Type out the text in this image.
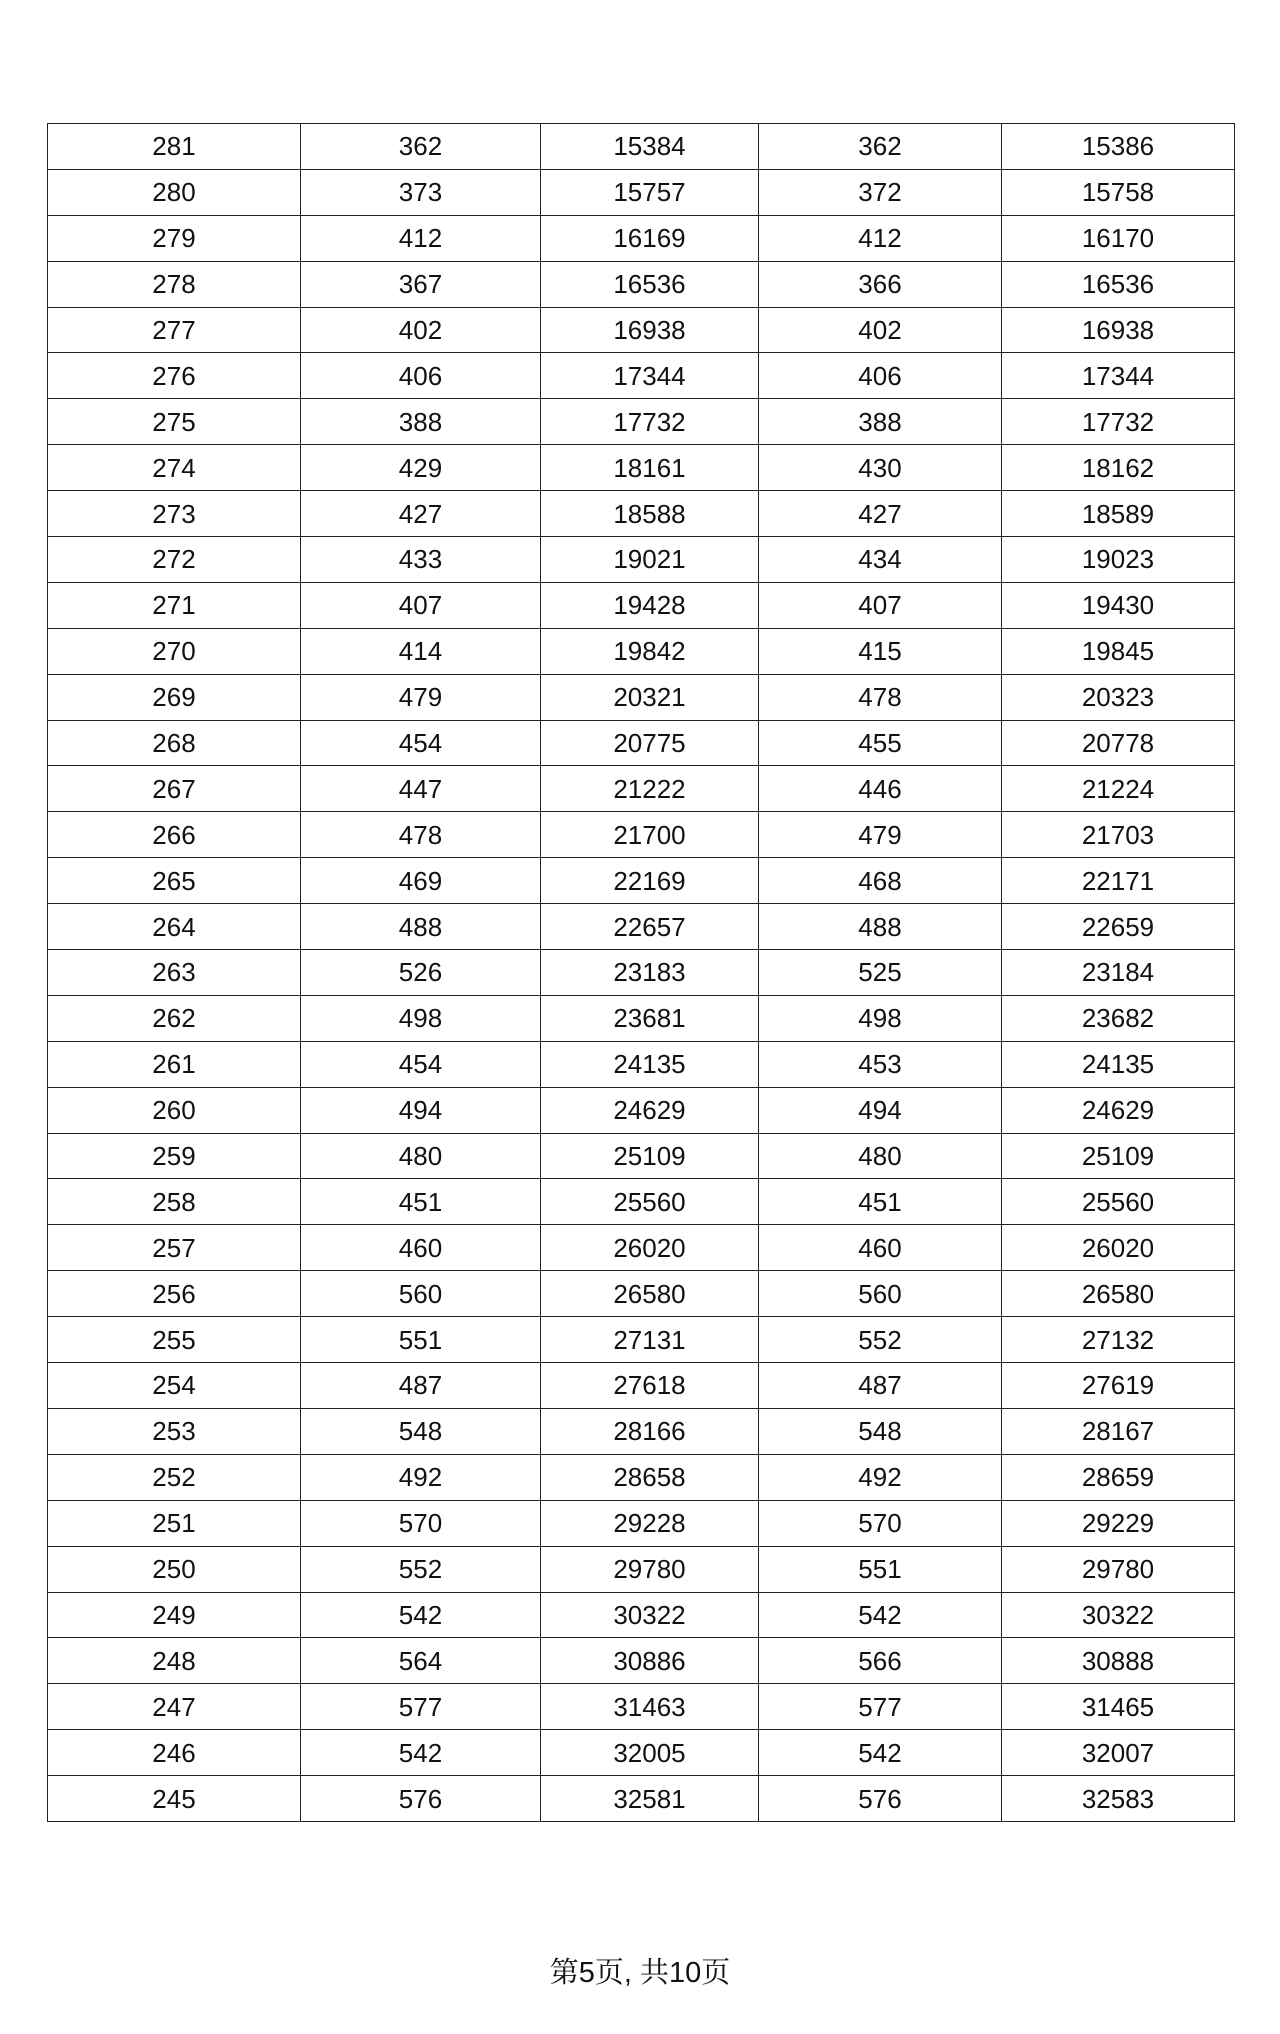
281	362	15384	362	15386
280	373	15757	372	15758
279	412	16169	412	16170
278	367	16536	366	16536
277	402	16938	402	16938
276	406	17344	406	17344
275	388	17732	388	17732
274	429	18161	430	18162
273	427	18588	427	18589
272	433	19021	434	19023
271	407	19428	407	19430
270	414	19842	415	19845
269	479	20321	478	20323
268	454	20775	455	20778
267	447	21222	446	21224
266	478	21700	479	21703
265	469	22169	468	22171
264	488	22657	488	22659
263	526	23183	525	23184
262	498	23681	498	23682
261	454	24135	453	24135
260	494	24629	494	24629
259	480	25109	480	25109
258	451	25560	451	25560
257	460	26020	460	26020
256	560	26580	560	26580
255	551	27131	552	27132
254	487	27618	487	27619
253	548	28166	548	28167
252	492	28658	492	28659
251	570	29228	570	29229
250	552	29780	551	29780
249	542	30322	542	30322
248	564	30886	566	30888
247	577	31463	577	31465
246	542	32005	542	32007
245	576	32581	576	32583
第5页, 共10页
